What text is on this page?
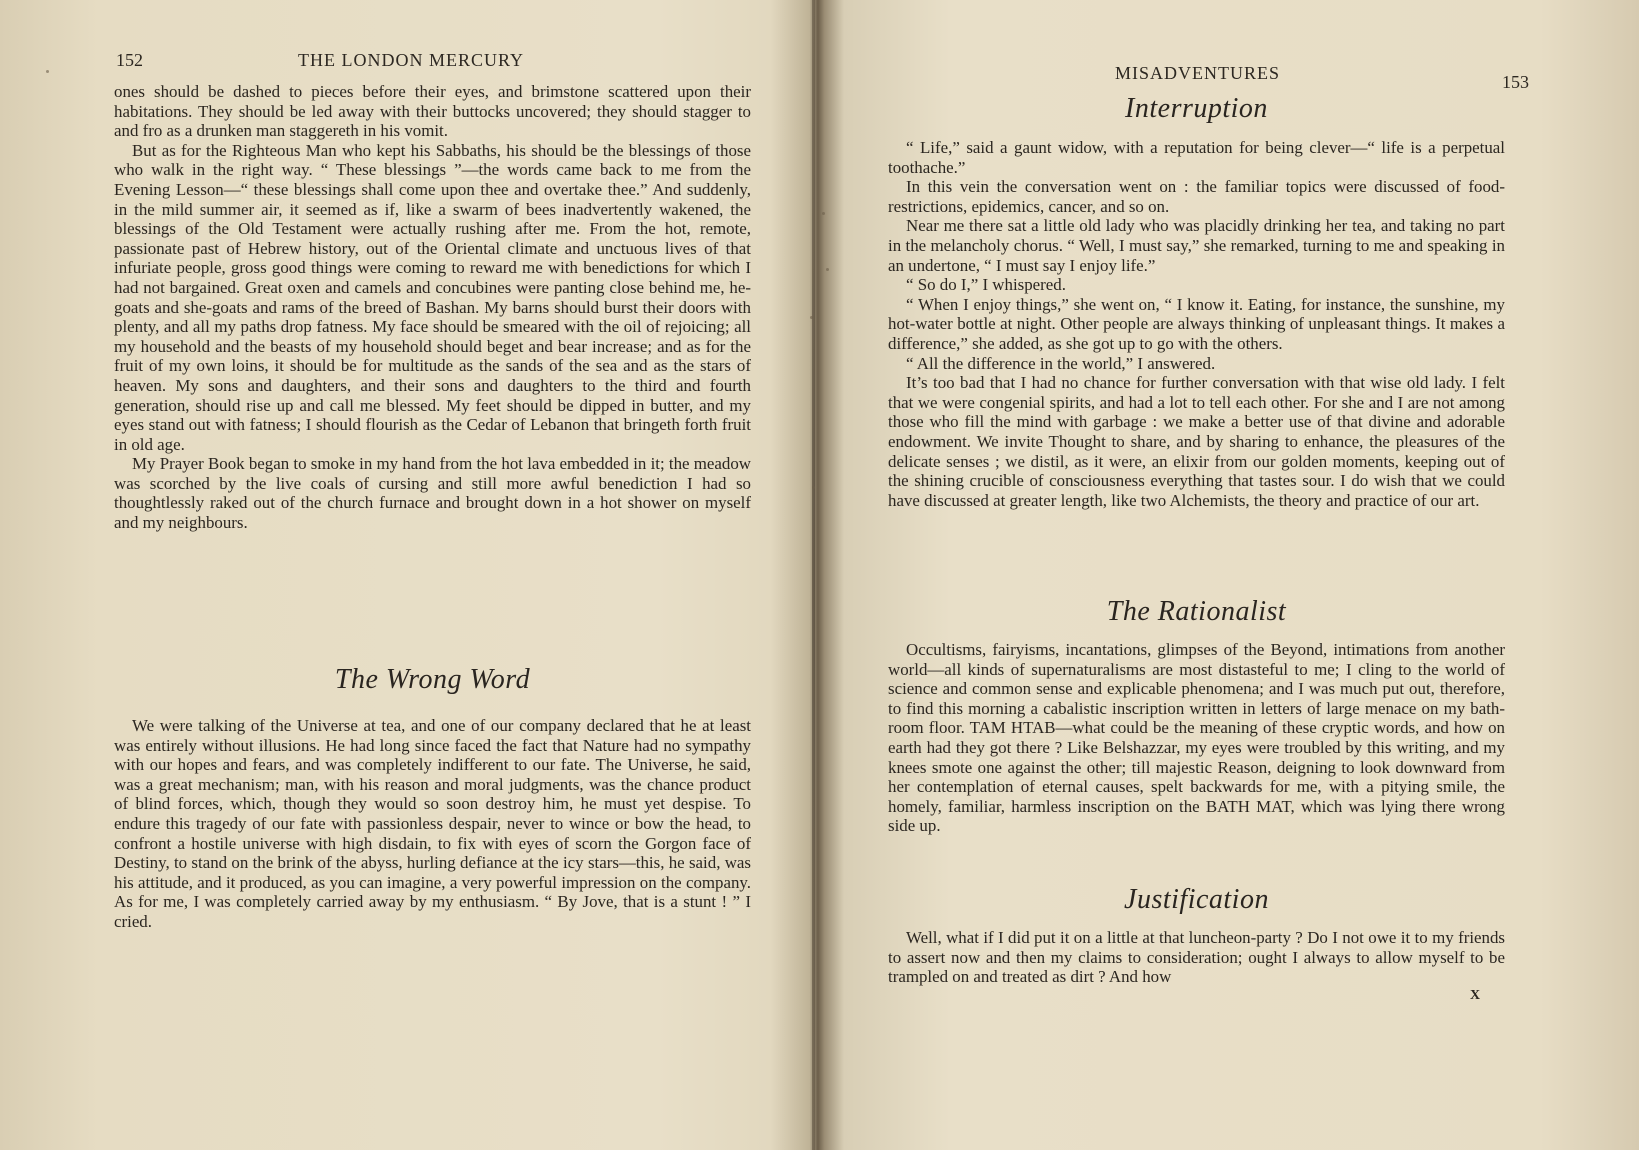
152	THE LONDON MERCURY

ones should be dashed to pieces before their eyes, and brimstone scattered upon their habitations. They should be led away with their buttocks uncovered; they should stagger to and fro as a drunken man staggereth in his vomit.

But as for the Righteous Man who kept his Sabbaths, his should be the blessings of those who walk in the right way. “ These blessings ”—the words came back to me from the Evening Lesson—“ these blessings shall come upon thee and overtake thee.” And suddenly, in the mild summer air, it seemed as if, like a swarm of bees inadvertently wakened, the blessings of the Old Testament were actually rushing after me. From the hot, remote, passionate past of Hebrew history, out of the Oriental climate and unctuous lives of that infuriate people, gross good things were coming to reward me with benedictions for which I had not bargained. Great oxen and camels and concubines were panting close behind me, he-goats and she-goats and rams of the breed of Bashan. My barns should burst their doors with plenty, and all my paths drop fatness. My face should be smeared with the oil of rejoicing; all my household and the beasts of my household should beget and bear increase; and as for the fruit of my own loins, it should be for multitude as the sands of the sea and as the stars of heaven. My sons and daughters, and their sons and daughters to the third and fourth generation, should rise up and call me blessed. My feet should be dipped in butter, and my eyes stand out with fatness; I should flourish as the Cedar of Lebanon that bringeth forth fruit in old age.

My Prayer Book began to smoke in my hand from the hot lava embedded in it; the meadow was scorched by the live coals of cursing and still more awful benediction I had so thoughtlessly raked out of the church furnace and brought down in a hot shower on myself and my neighbours.

The Wrong Word

We were talking of the Universe at tea, and one of our company declared that he at least was entirely without illusions. He had long since faced the fact that Nature had no sympathy with our hopes and fears, and was completely indifferent to our fate. The Universe, he said, was a great mechanism; man, with his reason and moral judgments, was the chance product of blind forces, which, though they would so soon destroy him, he must yet despise. To endure this tragedy of our fate with passionless despair, never to wince or bow the head, to confront a hostile universe with high disdain, to fix with eyes of scorn the Gorgon face of Destiny, to stand on the brink of the abyss, hurling defiance at the icy stars—this, he said, was his attitude, and it produced, as you can imagine, a very powerful impression on the company. As for me, I was completely carried away by my enthusiasm. “ By Jove, that is a stunt ! ” I cried.

MISADVENTURES	153
Interruption

“ Life,” said a gaunt widow, with a reputation for being clever—“ life is a perpetual toothache.”

In this vein the conversation went on : the familiar topics were discussed of food-restrictions, epidemics, cancer, and so on.

Near me there sat a little old lady who was placidly drinking her tea, and taking no part in the melancholy chorus. “ Well, I must say,” she remarked, turning to me and speaking in an undertone, “ I must say I enjoy life.”

“ So do I,” I whispered.

“ When I enjoy things,” she went on, “ I know it. Eating, for instance, the sunshine, my hot-water bottle at night. Other people are always thinking of unpleasant things. It makes a difference,” she added, as she got up to go with the others.

“ All the difference in the world,” I answered.

It’s too bad that I had no chance for further conversation with that wise old lady. I felt that we were congenial spirits, and had a lot to tell each other. For she and I are not among those who fill the mind with garbage : we make a better use of that divine and adorable endowment. We invite Thought to share, and by sharing to enhance, the pleasures of the delicate senses ; we distil, as it were, an elixir from our golden moments, keeping out of the shining crucible of consciousness everything that tastes sour. I do wish that we could have discussed at greater length, like two Alchemists, the theory and practice of our art.

The Rationalist

Occultisms, fairyisms, incantations, glimpses of the Beyond, intimations from another world—all kinds of supernaturalisms are most distasteful to me; I cling to the world of science and common sense and explicable phenomena; and I was much put out, therefore, to find this morning a cabalistic inscription written in letters of large menace on my bath-room floor. TAM HTAB—what could be the meaning of these cryptic words, and how on earth had they got there ? Like Belshazzar, my eyes were troubled by this writing, and my knees smote one against the other; till majestic Reason, deigning to look downward from her contemplation of eternal causes, spelt backwards for me, with a pitying smile, the homely, familiar, harmless inscription on the BATH MAT, which was lying there wrong side up.

Justification

Well, what if I did put it on a little at that luncheon-party ? Do I not owe it to my friends to assert now and then my claims to consideration; ought I always to allow myself to be trampled on and treated as dirt ? And how

X
